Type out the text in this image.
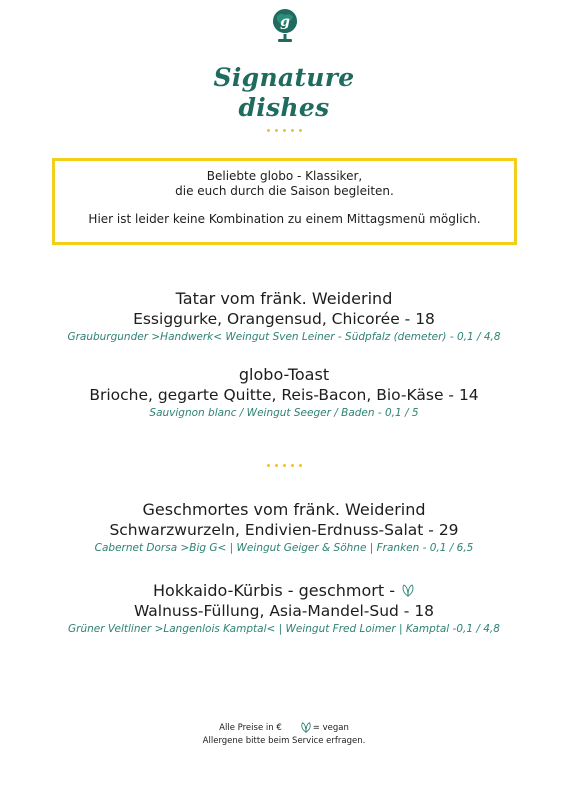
g
Signature
dishes
Beliebte globo - Klassiker,
die euch durch die Saison begleiten.
Hier ist leider keine Kombination zu einem Mittagsmenü möglich.
Tatar vom fränk. Weiderind
Essiggurke, Orangensud, Chicorée - 18
Grauburgunder >Handwerk< Weingut Sven Leiner - Südpfalz (demeter) - 0,1 / 4,8
globo-Toast
Brioche, gegarte Quitte, Reis-Bacon, Bio-Käse - 14
Sauvignon blanc / Weingut Seeger / Baden - 0,1 / 5
Geschmortes vom fränk. Weiderind
Schwarzwurzeln, Endivien-Erdnuss-Salat - 29
Cabernet Dorsa >Big G< | Weingut Geiger & Söhne | Franken - 0,1 / 6,5
Hokkaido-Kürbis - geschmort -
Walnuss-Füllung, Asia-Mandel-Sud - 18
Grüner Veltliner >Langenlois Kamptal< | Weingut Fred Loimer | Kamptal -0,1 / 4,8
Alle Preise in €	= vegan
Allergene bitte beim Service erfragen.
